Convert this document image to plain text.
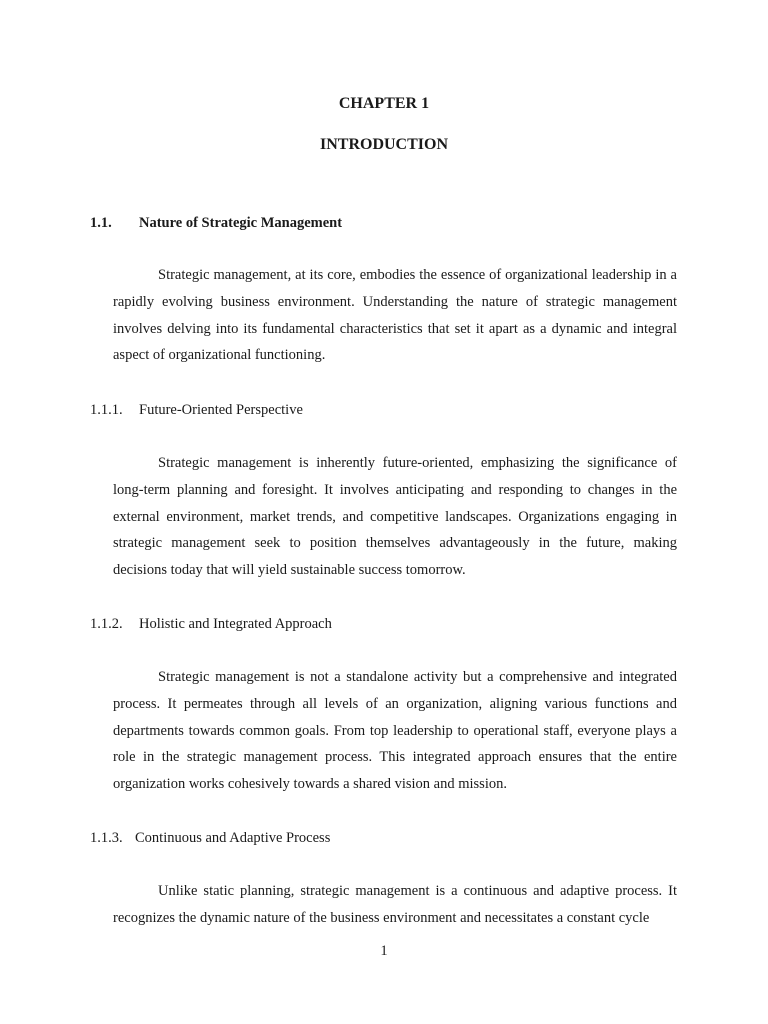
CHAPTER 1
INTRODUCTION
1.1. Nature of Strategic Management

Strategic management, at its core, embodies the essence of organizational leadership in a rapidly evolving business environment. Understanding the nature of strategic management involves delving into its fundamental characteristics that set it apart as a dynamic and integral aspect of organizational functioning.

1.1.1. Future-Oriented Perspective

Strategic management is inherently future-oriented, emphasizing the significance of long-term planning and foresight. It involves anticipating and responding to changes in the external environment, market trends, and competitive landscapes. Organizations engaging in strategic management seek to position themselves advantageously in the future, making decisions today that will yield sustainable success tomorrow.

1.1.2. Holistic and Integrated Approach

Strategic management is not a standalone activity but a comprehensive and integrated process. It permeates through all levels of an organization, aligning various functions and departments towards common goals. From top leadership to operational staff, everyone plays a role in the strategic management process. This integrated approach ensures that the entire organization works cohesively towards a shared vision and mission.

1.1.3. Continuous and Adaptive Process

Unlike static planning, strategic management is a continuous and adaptive process. It recognizes the dynamic nature of the business environment and necessitates a constant cycle

1
